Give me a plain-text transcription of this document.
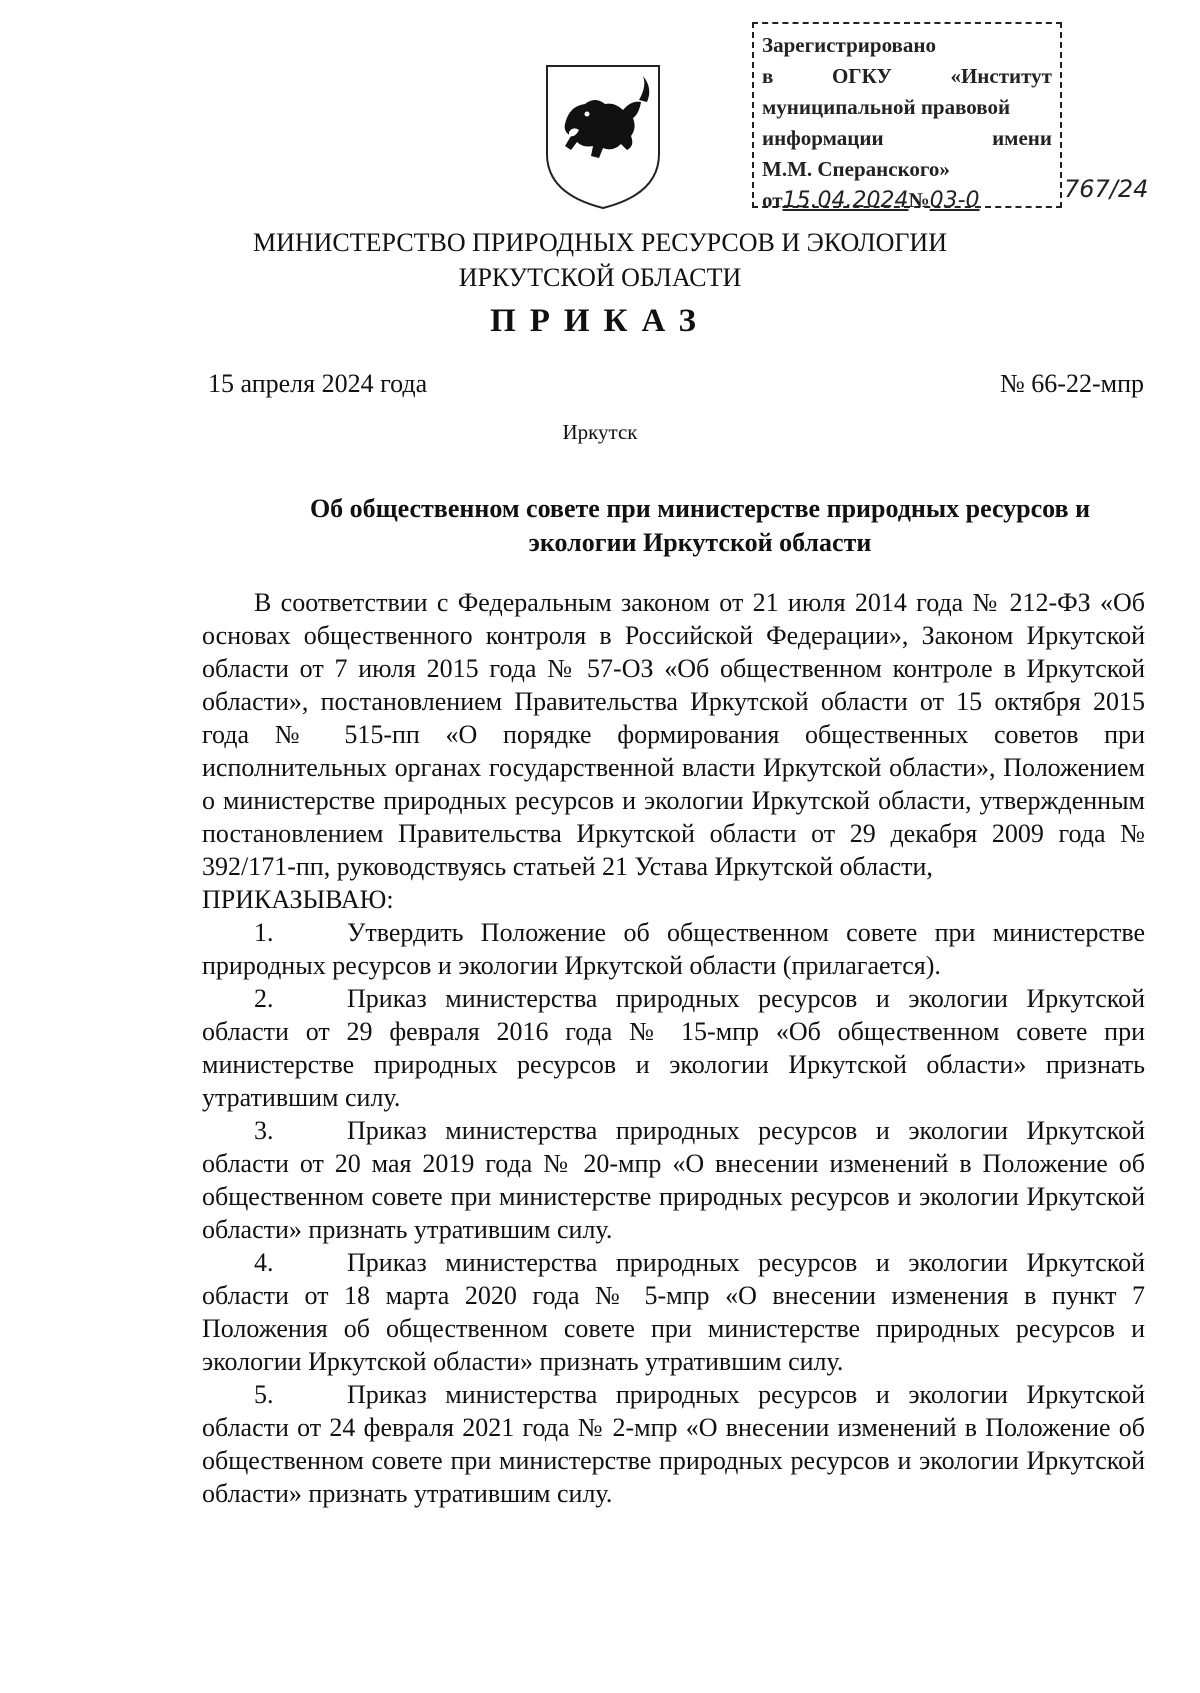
Зарегистрировано
в	ОГКУ	«Институт
муниципальной правовой
информации	имени
М.М. Сперанского»
от15.04.2024№03-0	767/24
МИНИСТЕРСТВО ПРИРОДНЫХ РЕСУРСОВ И ЭКОЛОГИИ
ИРКУТСКОЙ ОБЛАСТИ
ПРИКАЗ
15 апреля 2024 года	№ 66-22-мпр
Иркутск
Об общественном совете при министерстве природных ресурсов и экологии Иркутской области

В соответствии с Федеральным законом от 21 июля 2014 года № 212-ФЗ «Об основах общественного контроля в Российской Федерации», Законом Иркутской области от 7 июля 2015 года № 57-ОЗ «Об общественном контроле в Иркутской области», постановлением Правительства Иркутской области от 15 октября 2015 года № 515-пп «О порядке формирования общественных советов при исполнительных органах государственной власти Иркутской области», Положением о министерстве природных ресурсов и экологии Иркутской области, утвержденным постановлением Правительства Иркутской области от 29 декабря 2009 года № 392/171-пп, руководствуясь статьей 21 Устава Иркутской области,

ПРИКАЗЫВАЮ:

1.	Утвердить Положение об общественном совете при министерстве природных ресурсов и экологии Иркутской области (прилагается).

2.	Приказ министерства природных ресурсов и экологии Иркутской области от 29 февраля 2016 года № 15-мпр «Об общественном совете при министерстве природных ресурсов и экологии Иркутской области» признать утратившим силу.

3.	Приказ министерства природных ресурсов и экологии Иркутской области от 20 мая 2019 года № 20-мпр «О внесении изменений в Положение об общественном совете при министерстве природных ресурсов и экологии Иркутской области» признать утратившим силу.

4.	Приказ министерства природных ресурсов и экологии Иркутской области от 18 марта 2020 года № 5-мпр «О внесении изменения в пункт 7 Положения об общественном совете при министерстве природных ресурсов и экологии Иркутской области» признать утратившим силу.

5.	Приказ министерства природных ресурсов и экологии Иркутской области от 24 февраля 2021 года № 2-мпр «О внесении изменений в Положение об общественном совете при министерстве природных ресурсов и экологии Иркутской области» признать утратившим силу.
